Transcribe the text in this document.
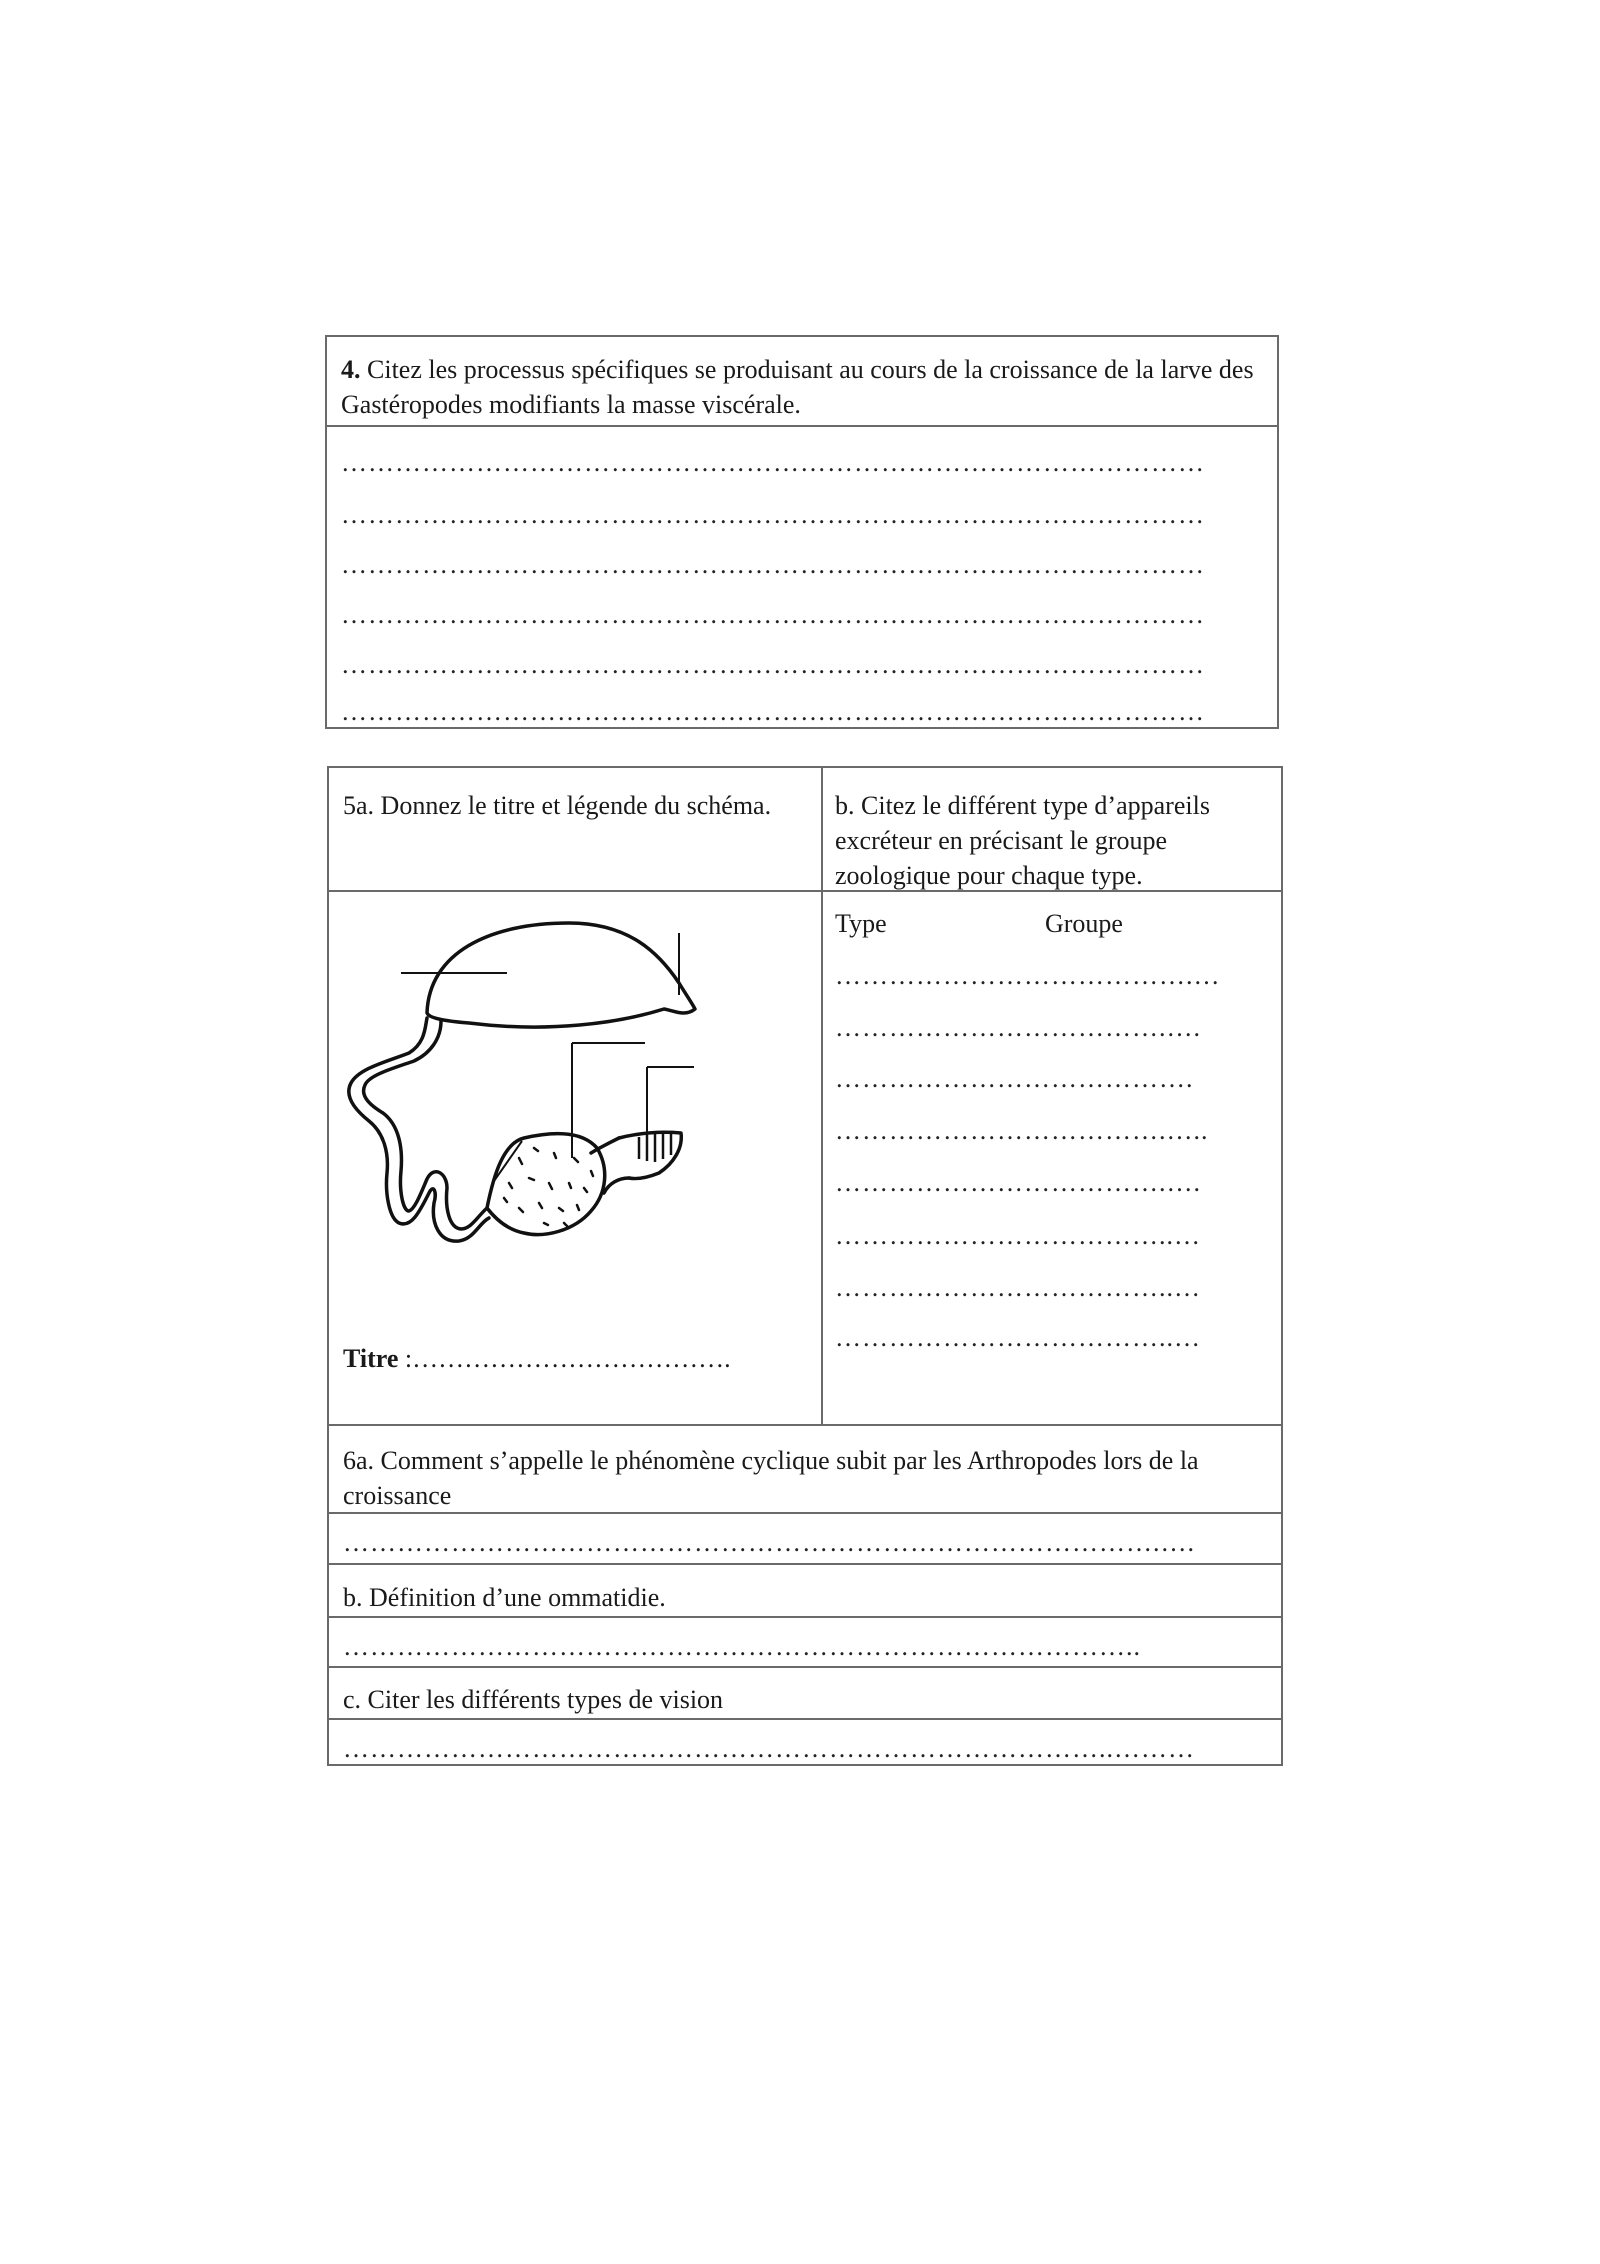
4. Citez les processus spécifiques se produisant au cours de la croissance de la larve des Gastéropodes modifiants la masse viscérale.
……………………………………………………………………………………
……………………………………………………………………………………
……………………………………………………………………………………
……………………………………………………………………………………
……………………………………………………………………………………
……………………………………………………………………………………
5a. Donnez le titre et légende du schéma.	b. Citez le différent type d’appareils excréteur en précisant le groupe zoologique pour chaque type.
Type	Groupe
………………………………….…
……………………………….….
………………………………….
……………………………….…..
……………………………….….
………………………………..…
………………………………..…
………………………………..…
Titre :……………………………….
6a. Comment s’appelle le phénomène cyclique subit par les Arthropodes lors de la croissance
……………………………………………………………………………….….
b. Définition d’une ommatidie.
……………………………………………………………………………..
c. Citer les différents types de vision
…………………………………………………………………………..………
